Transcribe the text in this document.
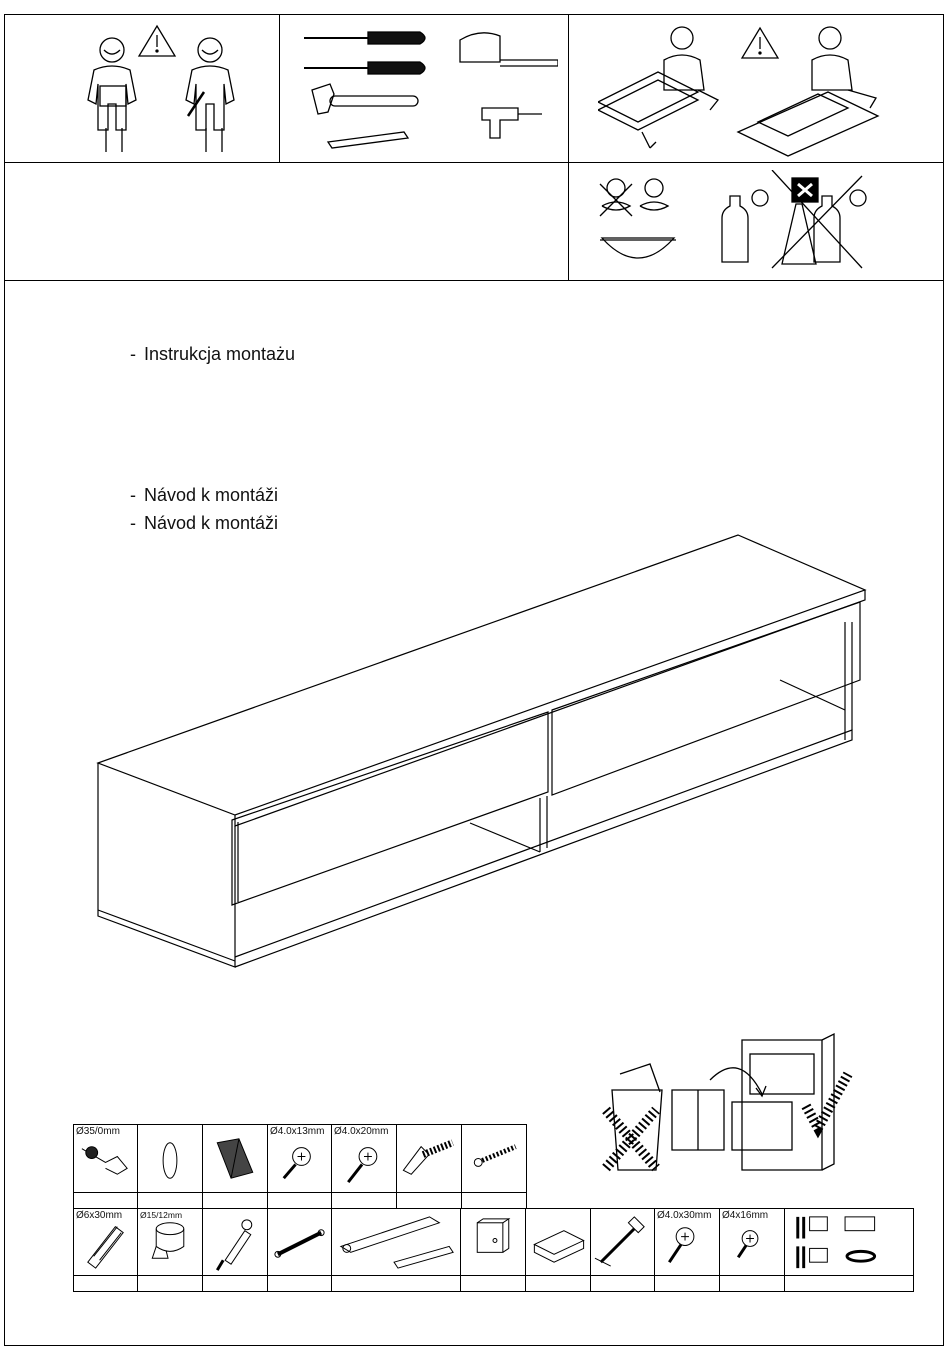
- Instrukcja montażu
- Návod k montáži
- Návod k montáži
Ø35/0mm			Ø4.0x13mm	Ø4.0x20mm

Ø6x30mm	Ø15/12mm							Ø4.0x30mm	Ø4x16mm
